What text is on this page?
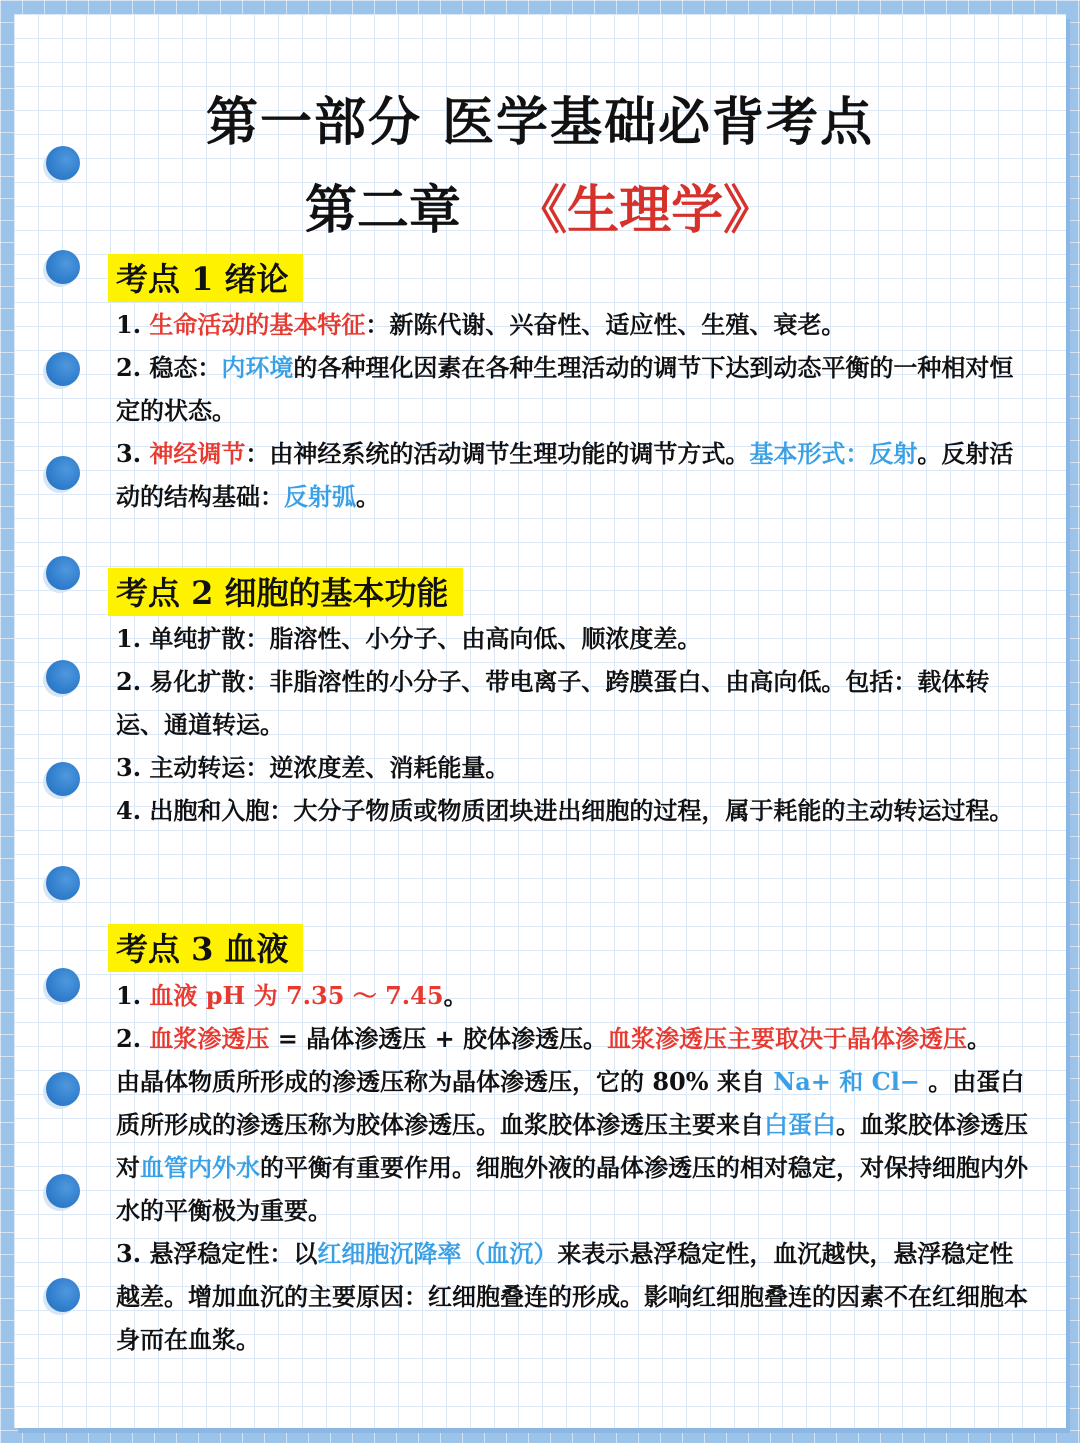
第一部分 医学基础必背考点
第二章 《生理学》
考点 1 绪论

1. 生命活动的基本特征：新陈代谢、兴奋性、适应性、生殖、衰老。

2. 稳态：内环境的各种理化因素在各种生理活动的调节下达到动态平衡的一种相对恒定的状态。

3. 神经调节：由神经系统的活动调节生理功能的调节方式。基本形式：反射。反射活动的结构基础：反射弧。

考点 2 细胞的基本功能

1. 单纯扩散：脂溶性、小分子、由高向低、顺浓度差。

2. 易化扩散：非脂溶性的小分子、带电离子、跨膜蛋白、由高向低。包括：载体转运、通道转运。

3. 主动转运：逆浓度差、消耗能量。

4. 出胞和入胞：大分子物质或物质团块进出细胞的过程，属于耗能的主动转运过程。

考点 3 血液

1. 血液 pH 为 7.35 ～ 7.45。

2. 血浆渗透压 = 晶体渗透压 + 胶体渗透压。血浆渗透压主要取决于晶体渗透压。

由晶体物质所形成的渗透压称为晶体渗透压，它的 80% 来自 Na+ 和 Cl− 。由蛋白质所形成的渗透压称为胶体渗透压。血浆胶体渗透压主要来自白蛋白。血浆胶体渗透压对血管内外水的平衡有重要作用。细胞外液的晶体渗透压的相对稳定，对保持细胞内外水的平衡极为重要。

3. 悬浮稳定性：以红细胞沉降率（血沉）来表示悬浮稳定性，血沉越快，悬浮稳定性越差。增加血沉的主要原因：红细胞叠连的形成。影响红细胞叠连的因素不在红细胞本身而在血浆。
